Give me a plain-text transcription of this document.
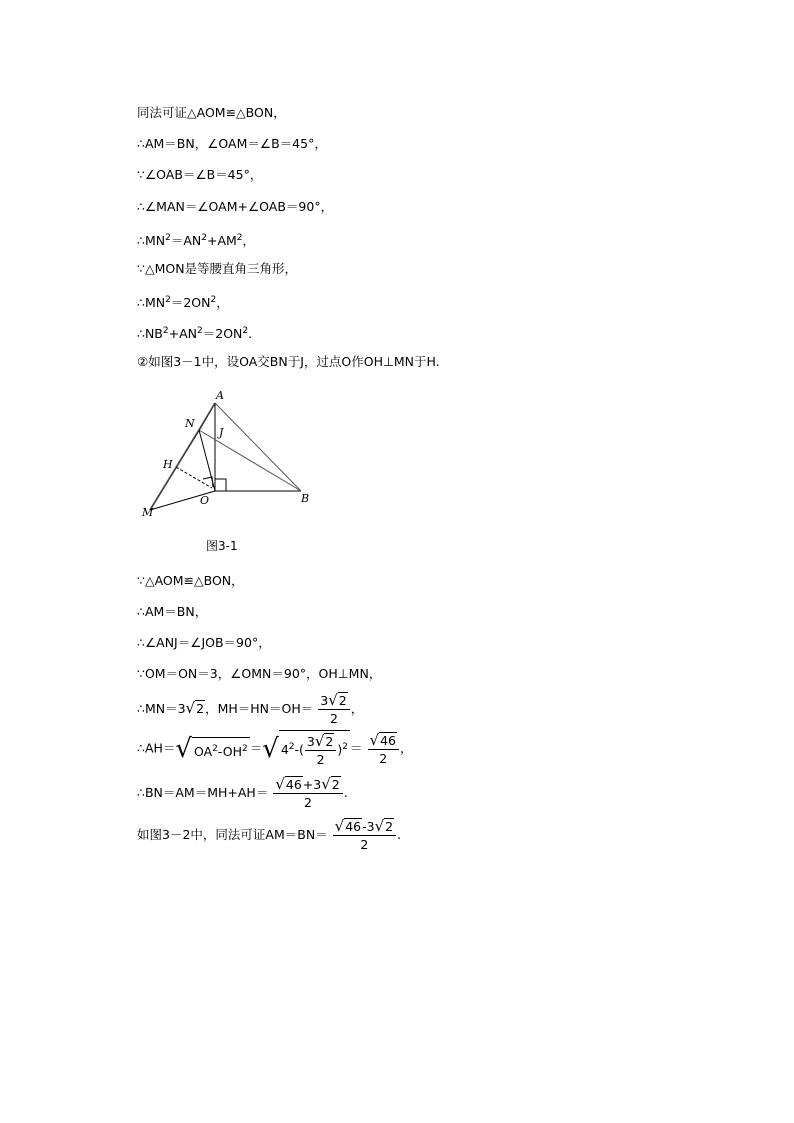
同法可证△AOM≌△BON，
∴AM＝BN，∠OAM＝∠B＝45°，
∵∠OAB＝∠B＝45°，
∴∠MAN＝∠OAM+∠OAB＝90°，
$\therefore MN^2=AN^2+AM^2$，
∵△MON是等腰直角三角形，
$\therefore MN^2=2ON^2$，
$\therefore NB^2+AN^2=2ON^2$.
②如图3－1中，设OA交BN于J，过点O作OH⊥MN于H.
A
N
J
H
O	B
M
图3-1
∵△AOM≌△BON，
∴AM＝BN，
∴∠ANJ＝∠JOB＝90°，
∵OM＝ON＝3，∠OMN＝90°，OH⊥MN，
∴MN＝3√2，$MH=HN=OH= \frac{3√2}{2}$ ，
∴AH＝√ $OA^2-OH^2$ ＝√ $4^2-( \frac{3√2}{2} )^2 = \frac{√46}{2}$ ，
∴BN＝AM＝MH+AH＝ $\frac{√46+3√2}{2}$ .
如图3－2中，同法可证$AM=BN= \frac{√46-3√2}{2}$ .
